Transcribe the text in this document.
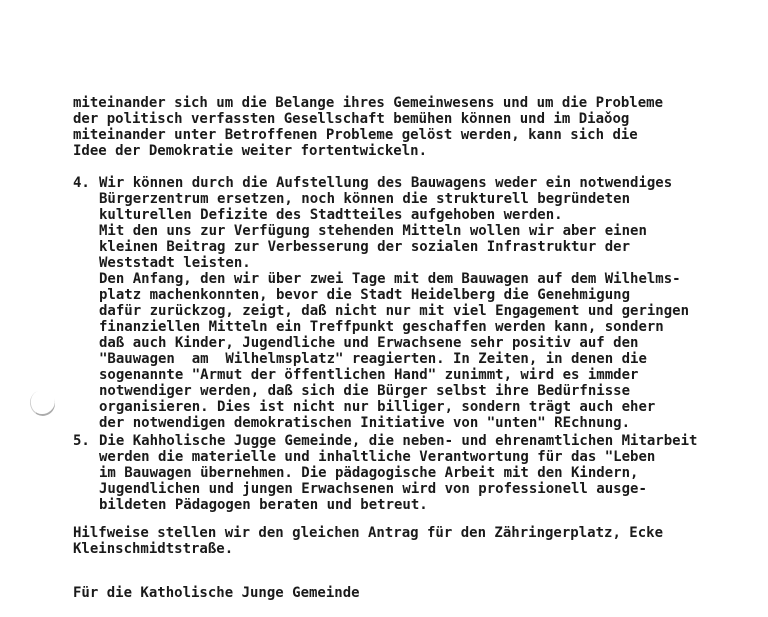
miteinander sich um die Belange ihres Gemeinwesens und um die Probleme
der politisch verfassten Gesellschaft bemühen können und im Diaǒog
miteinander unter Betroffenen Probleme gelöst werden, kann sich die
Idee der Demokratie weiter fortentwickeln.
4. Wir können durch die Aufstellung des Bauwagens weder ein notwendiges
Bürgerzentrum ersetzen, noch können die strukturell begründeten
kulturellen Defizite des Stadtteiles aufgehoben werden.
Mit den uns zur Verfügung stehenden Mitteln wollen wir aber einen
kleinen Beitrag zur Verbesserung der sozialen Infrastruktur der
Weststadt leisten.
Den Anfang, den wir über zwei Tage mit dem Bauwagen auf dem Wilhelms-
platz machenkonnten, bevor die Stadt Heidelberg die Genehmigung
dafür zurückzog, zeigt, daß nicht nur mit viel Engagement und geringen
finanziellen Mitteln ein Treffpunkt geschaffen werden kann, sondern
daß auch Kinder, Jugendliche und Erwachsene sehr positiv auf den
"Bauwagen  am  Wilhelmsplatz" reagierten. In Zeiten, in denen die
sogenannte "Armut der öffentlichen Hand" zunimmt, wird es immder
notwendiger werden, daß sich die Bürger selbst ihre Bedürfnisse
organisieren. Dies ist nicht nur billiger, sondern trägt auch eher
der notwendigen demokratischen Initiative von "unten" REchnung.
5. Die Kahholische Jugge Gemeinde, die neben- und ehrenamtlichen Mitarbeit
werden die materielle und inhaltliche Verantwortung für das "Leben
im Bauwagen übernehmen. Die pädagogische Arbeit mit den Kindern,
Jugendlichen und jungen Erwachsenen wird von professionell ausge-
bildeten Pädagogen beraten und betreut.
Hilfweise stellen wir den gleichen Antrag für den Zähringerplatz, Ecke
Kleinschmidtstraße.
Für die Katholische Junge Gemeinde
